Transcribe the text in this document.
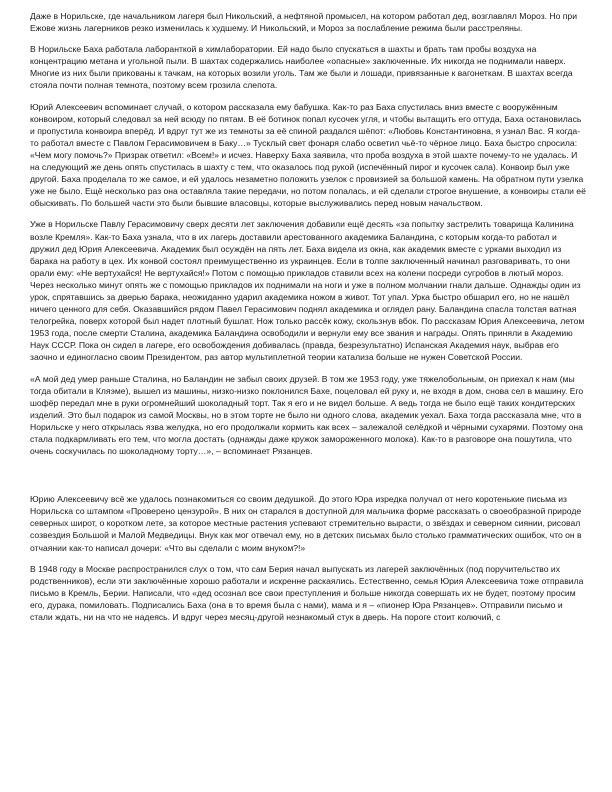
Даже в Норильске, где начальником лагеря был Никольский, а нефтяной промысел, на котором работал дед, возглавлял Мороз. Но при Ежове жизнь лагерников резко изменилась к худшему. И Никольский, и Мороз за послабление режима были расстреляны.

В Норильске Баха работала лаборанткой в химлаборатории. Ей надо было спускаться в шахты и брать там пробы воздуха на концентрацию метана и угольной пыли. В шахтах содержались наиболее «опасные» заключенные. Их никогда не поднимали наверх. Многие из них были прикованы к тачкам, на которых возили уголь. Там же были и лошади, привязанные к вагонеткам. В шахтах всегда стояла почти полная темнота, поэтому всем грозила слепота.

Юрий Алексеевич вспоминает случай, о котором рассказала ему бабушка. Как-то раз Баха спустилась вниз вместе с вооружённым конвоиром, который следовал за ней всюду по пятам. В её ботинок попал кусочек угля, и чтобы вытащить его оттуда, Баха остановилась и пропустила конвоира вперёд. И вдруг тут же из темноты за её спиной раздался шёпот: «Любовь Константиновна, я узнал Вас. Я когда-то работал вместе с Павлом Герасимовичем в Баку…» Тусклый свет фонаря слабо осветил чьё-то чёрное лицо. Баха быстро спросила: «Чем могу помочь?» Призрак ответил: «Всем!» и исчез. Наверху Баха заявила, что проба воздуха в этой шахте почему-то не удалась. И на следующий же день опять спустилась в шахту с тем, что оказалось под рукой (испечённый пирог и кусочек сала). Конвоир был уже другой. Баха проделала то же самое, и ей удалось незаметно положить узелок с провизией за большой камень. На обратном пути узелка уже не было. Ещё несколько раз она оставляла такие передачи, но потом попалась, и ей сделали строгое внушение, а конвоиры стали её обыскивать. По большей части это были бывшие власовцы, которые выслуживались перед новым начальством.

Уже в Норильске Павлу Герасимовичу сверх десяти лет заключения добавили ещё десять «за попытку застрелить товарища Калинина возле Кремля». Как-то Баха узнала, что в их лагерь доставили арестованного академика Баландина, с которым когда-то работал и дружил дед Юрия Алексеевича. Академик был осуждён на пять лет. Баха видела из окна, как академик вместе с урками выходил из барака на работу в цех. Их конвой состоял преимущественно из украинцев. Если в толпе заключенный начинал разговаривать, то они орали ему: «Не вертухайся! Не вертухайся!» Потом с помощью прикладов ставили всех на колени посреди сугробов в лютый мороз. Через несколько минут опять же с помощью прикладов их поднимали на ноги и уже в полном молчании гнали дальше. Однажды один из урок, спрятавшись за дверью барака, неожиданно ударил академика ножом в живот. Тот упал. Урка быстро обшарил его, но не нашёл ничего ценного для себя. Оказавшийся рядом Павел Герасимович поднял академика и оглядел рану. Баландина спасла толстая ватная телогрейка, поверх которой был надет плотный бушлат. Нож только рассёк кожу, скользнув вбок. По рассказам Юрия Алексеевича, летом 1953 года, после смерти Сталина, академика Баландина освободили и вернули ему все звания и награды. Опять приняли в Академию Наук СССР. Пока он сидел в лагере, его освобождения добивалась (правда, безрезультатно) Испанская Академия наук, выбрав его заочно и единогласно своим Президентом, раз автор мультиплетной теории катализа больше не нужен Советской России.

«А мой дед умер раньше Сталина, но Баландин не забыл своих друзей. В том же 1953 году, уже тяжелобольным, он приехал к нам (мы тогда обитали в Кляэме), вышел из машины, низко-низко поклонился Бахе, поцеловал ей руку и, не входя в дом, снова сел в машину. Его шофёр передал мне в руки огромнейший шоколадный торт. Так я его и не видел больше. А ведь тогда не было ещё таких кондитерских изделий. Это был подарок из самой Москвы, но в этом торте не было ни одного слова, академик уехал. Баха тогда рассказала мне, что в Норильске у него открылась язва желудка, но его продолжали кормить как всех – залежалой селёдкой и чёрными сухарями. Поэтому она стала подкармливать его тем, что могла достать (однажды даже кружок замороженного молока). Как-то в разговоре она пошутила, что очень соскучилась по шоколадному торту…», – вспоминает Рязанцев.

Юрию Алексеевичу всё же удалось познакомиться со своим дедушкой. До этого Юра изредка получал от него коротенькие письма из Норильска со штампом «Проверено цензурой». В них он старался в доступной для мальчика форме рассказать о своеобразной природе северных широт, о коротком лете, за которое местные растения успевают стремительно вырасти, о звёздах и северном сиянии, рисовал созвездия Большой и Малой Медведицы. Внук как мог отвечал ему, но в детских письмах было столько грамматических ошибок, что он в отчаянии как-то написал дочери: «Что вы сделали с моим внуком?!»

В 1948 году в Москве распространился слух о том, что сам Берия начал выпускать из лагерей заключённых (под поручительство их родственников), если эти заключённые хорошо работали и искренне раскаялись. Естественно, семья Юрия Алексеевича тоже отправила письмо в Кремль, Берии. Написали, что «дед осознал все свои преступления и больше никогда совершать их не будет, поэтому просим его, дурака, помиловать. Подписались Баха (она в то время была с нами), мама и я – «пионер Юра Рязанцев». Отправили письмо и стали ждать, ни на что не надеясь. И вдруг через месяц-другой незнакомый стук в дверь. На пороге стоит колючий, с
